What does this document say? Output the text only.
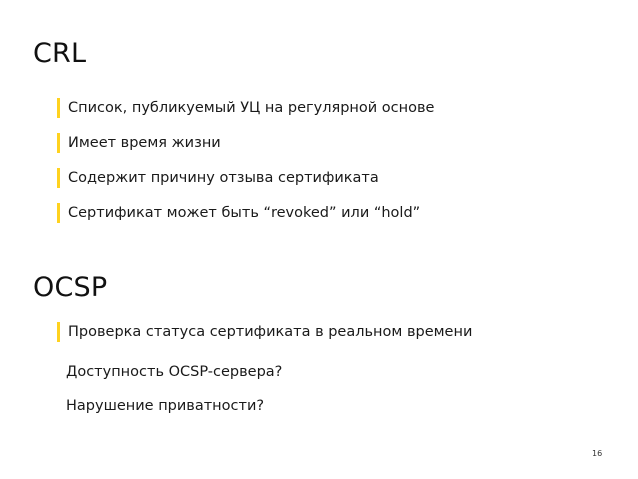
CRL
Список, публикуемый УЦ на регулярной основе
Имеет время жизни
Содержит причину отзыва сертификата
Сертификат может быть “revoked” или “hold”
OCSP
Проверка статуса сертификата в реальном времени
Доступность OCSP-сервера?
Нарушение приватности?
16
